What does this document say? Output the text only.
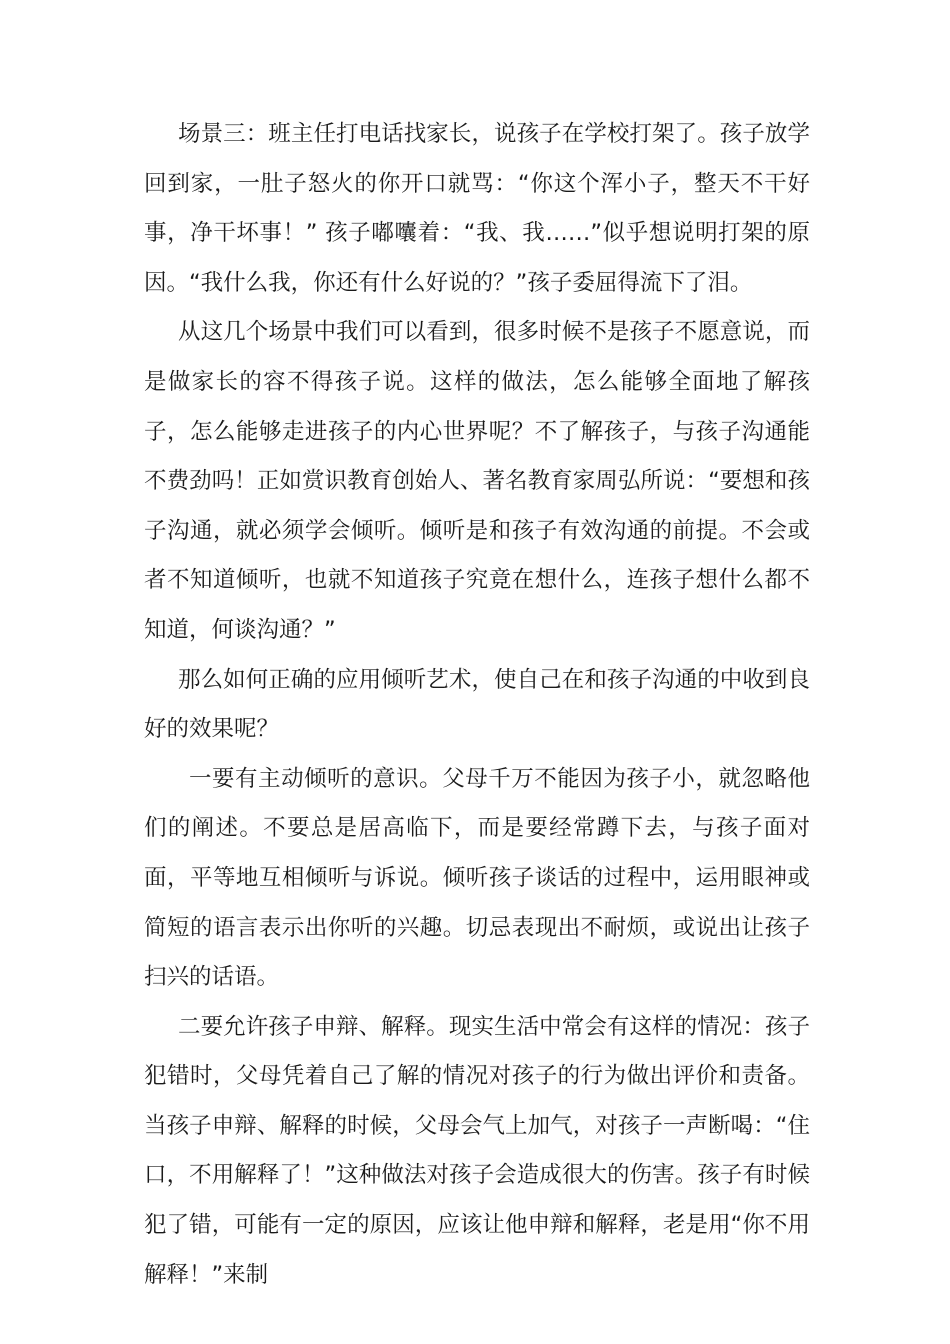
场景三：班主任打电话找家长，说孩子在学校打架了。孩子放学回到家，一肚子怒火的你开口就骂：“你这个浑小子，整天不干好事，净干坏事！” 孩子嘟囔着：“我、我……”似乎想说明打架的原因。“我什么我，你还有什么好说的？”孩子委屈得流下了泪。

从这几个场景中我们可以看到，很多时候不是孩子不愿意说，而是做家长的容不得孩子说。这样的做法，怎么能够全面地了解孩子，怎么能够走进孩子的内心世界呢？不了解孩子，与孩子沟通能不费劲吗！正如赏识教育创始人、著名教育家周弘所说：“要想和孩子沟通，就必须学会倾听。倾听是和孩子有效沟通的前提。不会或者不知道倾听，也就不知道孩子究竟在想什么，连孩子想什么都不知道，何谈沟通？”

那么如何正确的应用倾听艺术，使自己在和孩子沟通的中收到良好的效果呢？

一要有主动倾听的意识。父母千万不能因为孩子小，就忽略他们的阐述。不要总是居高临下，而是要经常蹲下去，与孩子面对面，平等地互相倾听与诉说。倾听孩子谈话的过程中，运用眼神或简短的语言表示出你听的兴趣。切忌表现出不耐烦，或说出让孩子扫兴的话语。

二要允许孩子申辩、解释。现实生活中常会有这样的情况：孩子犯错时，父母凭着自己了解的情况对孩子的行为做出评价和责备。当孩子申辩、解释的时候，父母会气上加气，对孩子一声断喝：“住口，不用解释了！”这种做法对孩子会造成很大的伤害。孩子有时候犯了错，可能有一定的原因，应该让他申辩和解释，老是用“你不用解释！”来制
